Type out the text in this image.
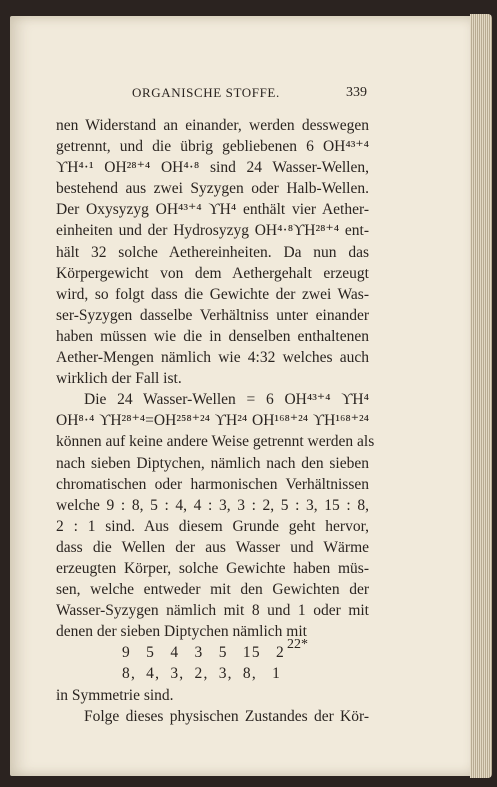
ORGANISCHE STOFFE.	339
nen Widerstand an einander, werden desswegen
getrennt, und die übrig gebliebenen 6 OH⁴³⁺⁴
ϒH⁴·¹ OH²⁸⁺⁴ OH⁴·⁸ sind 24 Wasser-Wellen,
bestehend aus zwei Syzygen oder Halb-Wellen.
Der Oxysyzyg OH⁴³⁺⁴ ϒH⁴ enthält vier Aether-
einheiten und der Hydrosyzyg OH⁴·⁸ϒH²⁸⁺⁴ ent-
hält 32 solche Aethereinheiten. Da nun das
Körpergewicht von dem Aethergehalt erzeugt
wird, so folgt dass die Gewichte der zwei Was-
ser-Syzygen dasselbe Verhältniss unter einander
haben müssen wie die in denselben enthaltenen
Aether-Mengen nämlich wie 4:32 welches auch
wirklich der Fall ist.
Die 24 Wasser-Wellen = 6 OH⁴³⁺⁴ ϒH⁴
OH⁸·⁴ ϒH²⁸⁺⁴=OH²⁵⁸⁺²⁴ ϒH²⁴ OH¹⁶⁸⁺²⁴ ϒH¹⁶⁸⁺²⁴
können auf keine andere Weise getrennt werden als
nach sieben Diptychen, nämlich nach den sieben
chromatischen oder harmonischen Verhältnissen
welche 9 : 8, 5 : 4, 4 : 3, 3 : 2, 5 : 3, 15 : 8,
2 : 1 sind. Aus diesem Grunde geht hervor,
dass die Wellen der aus Wasser und Wärme
erzeugten Körper, solche Gewichte haben müs-
sen, welche entweder mit den Gewichten der
Wasser-Syzygen nämlich mit 8 und 1 oder mit
denen der sieben Diptychen nämlich mit
9   5   4   3   5   15   2
8,  4,  3,  2,  3,  8,   1
in Symmetrie sind.
Folge dieses physischen Zustandes der Kör-
22*
